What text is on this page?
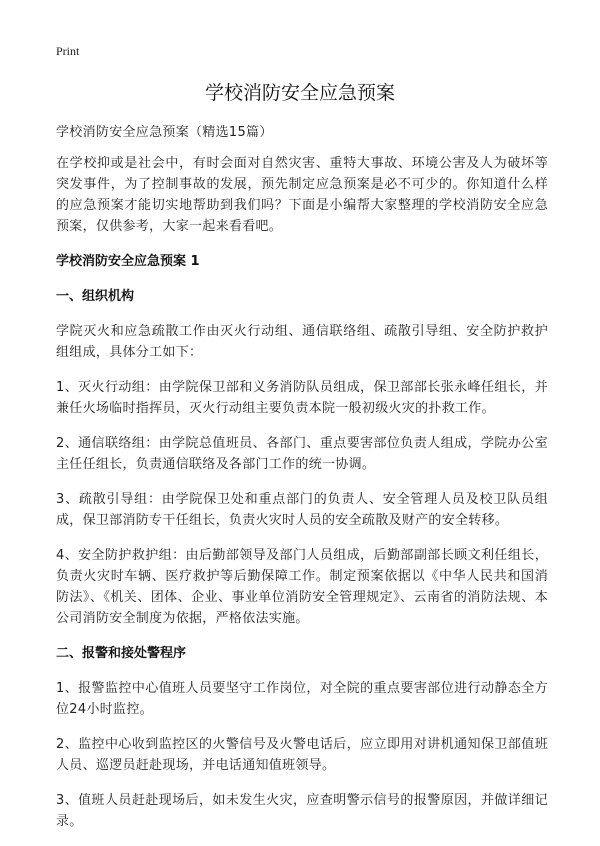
Print
学校消防安全应急预案

学校消防安全应急预案（精选15篇）

在学校抑或是社会中，有时会面对自然灾害、重特大事故、环境公害及人为破坏等突发事件，为了控制事故的发展，预先制定应急预案是必不可少的。你知道什么样的应急预案才能切实地帮助到我们吗？下面是小编帮大家整理的学校消防安全应急预案，仅供参考，大家一起来看看吧。

学校消防安全应急预案 1

一、组织机构

学院灭火和应急疏散工作由灭火行动组、通信联络组、疏散引导组、安全防护救护组组成，具体分工如下：

1、灭火行动组：由学院保卫部和义务消防队员组成，保卫部部长张永峰任组长，并兼任火场临时指挥员，灭火行动组主要负责本院一般初级火灾的扑救工作。

2、通信联络组：由学院总值班员、各部门、重点要害部位负责人组成，学院办公室主任任组长，负责通信联络及各部门工作的统一协调。

3、疏散引导组：由学院保卫处和重点部门的负责人、安全管理人员及校卫队员组成，保卫部消防专干任组长，负责火灾时人员的安全疏散及财产的安全转移。

4、安全防护救护组：由后勤部领导及部门人员组成，后勤部副部长顾文利任组长，负责火灾时车辆、医疗救护等后勤保障工作。制定预案依据以《中华人民共和国消防法》、《机关、团体、企业、事业单位消防安全管理规定》、云南省的消防法规、本公司消防安全制度为依据，严格依法实施。

二、报警和接处警程序

1、报警监控中心值班人员要坚守工作岗位，对全院的重点要害部位进行动静态全方位24小时监控。

2、监控中心收到监控区的火警信号及火警电话后，应立即用对讲机通知保卫部值班人员、巡逻员赶赴现场，并电话通知值班领导。

3、值班人员赶赴现场后，如未发生火灾，应查明警示信号的报警原因，并做详细记录。
